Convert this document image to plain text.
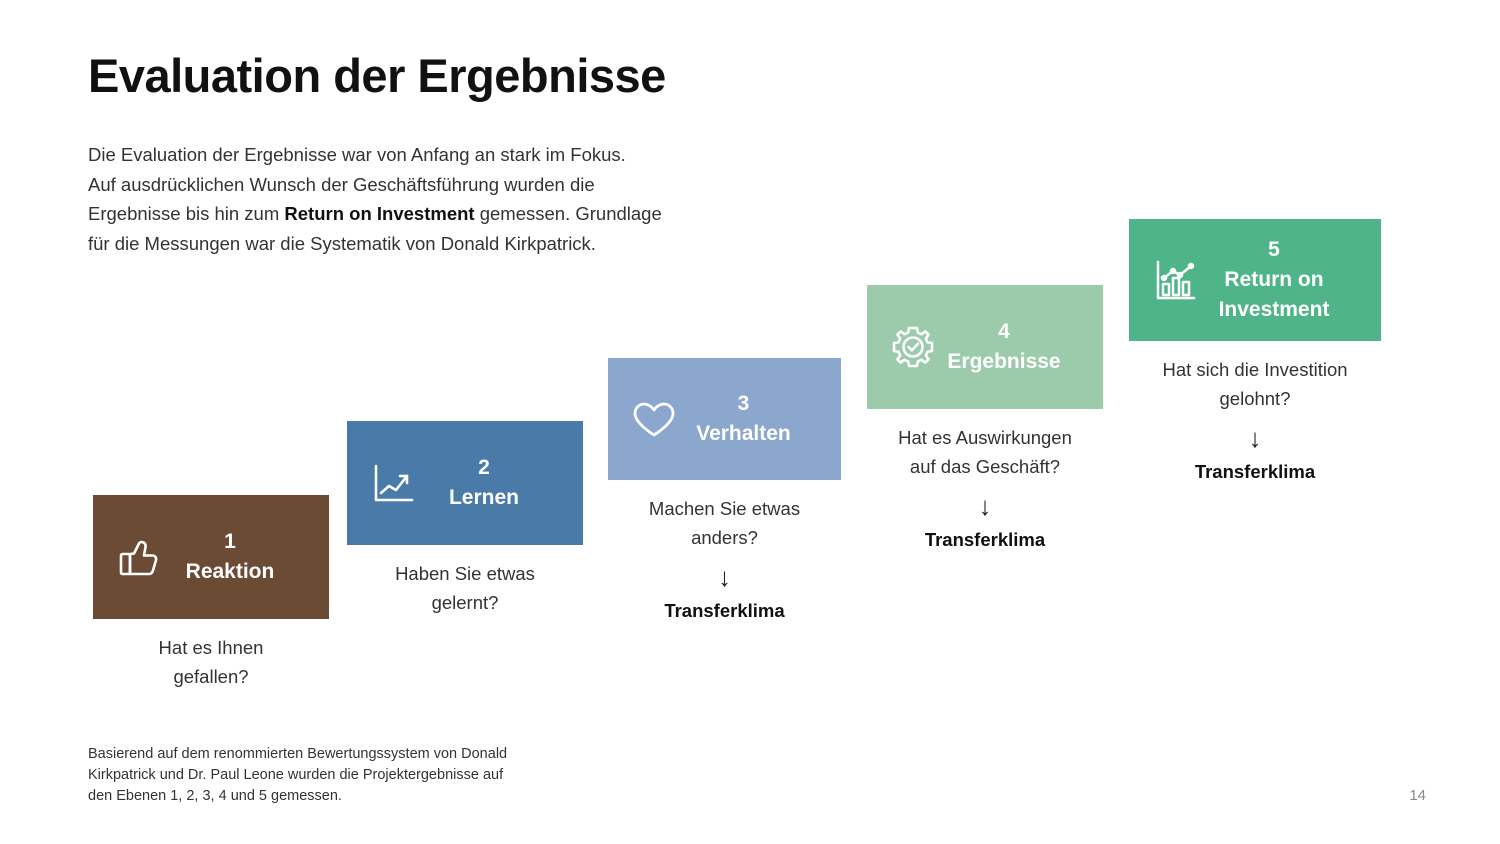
Evaluation der Ergebnisse
Die Evaluation der Ergebnisse war von Anfang an stark im Fokus.
Auf ausdrücklichen Wunsch der Geschäftsführung wurden die
Ergebnisse bis hin zum Return on Investment gemessen. Grundlage
für die Messungen war die Systematik von Donald Kirkpatrick.
1
Reaktion
Hat es Ihnen
gefallen?
2
Lernen
Haben Sie etwas
gelernt?
3
Verhalten
Machen Sie etwas
anders?
↓
Transferklima
4
Ergebnisse
Hat es Auswirkungen
auf das Geschäft?
↓
Transferklima
5
Return on Investment
Hat sich die Investition
gelohnt?
↓
Transferklima
Basierend auf dem renommierten Bewertungssystem von Donald
Kirkpatrick und Dr. Paul Leone wurden die Projektergebnisse auf
den Ebenen 1, 2, 3, 4 und 5 gemessen.	14
